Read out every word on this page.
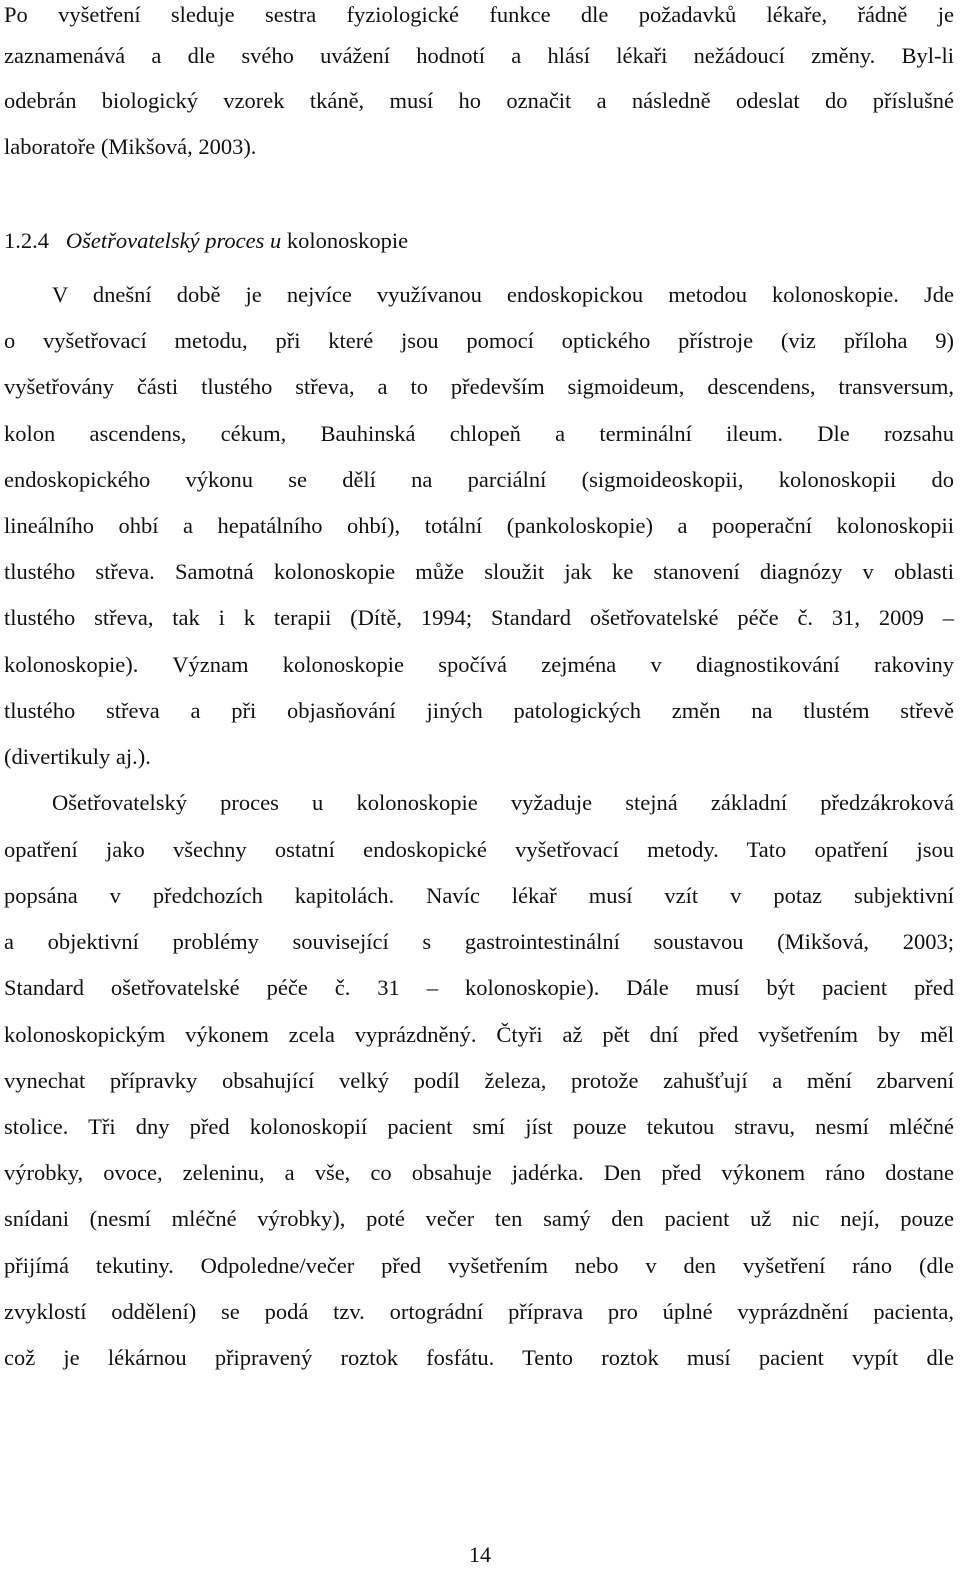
Po vyšetření sleduje sestra fyziologické funkce dle požadavků lékaře, řádně je
zaznamenává a dle svého uvážení hodnotí a hlásí lékaři nežádoucí změny. Byl-li
odebrán biologický vzorek tkáně, musí ho označit a následně odeslat do příslušné
laboratoře (Mikšová, 2003).
1.2.4 Ošetřovatelský proces u kolonoskopie
V dnešní době je nejvíce využívanou endoskopickou metodou kolonoskopie. Jde
o vyšetřovací metodu, při které jsou pomocí optického přístroje (viz příloha 9)
vyšetřovány části tlustého střeva, a to především sigmoideum, descendens, transversum,
kolon ascendens, cékum, Bauhinská chlopeň a terminální ileum. Dle rozsahu
endoskopického výkonu se dělí na parciální (sigmoideoskopii, kolonoskopii do
lineálního ohbí a hepatálního ohbí), totální (pankoloskopie) a pooperační kolonoskopii
tlustého střeva. Samotná kolonoskopie může sloužit jak ke stanovení diagnózy v oblasti
tlustého střeva, tak i k terapii (Dítě, 1994; Standard ošetřovatelské péče č. 31, 2009 –
kolonoskopie). Význam kolonoskopie spočívá zejména v diagnostikování rakoviny
tlustého střeva a při objasňování jiných patologických změn na tlustém střevě
(divertikuly aj.).
Ošetřovatelský proces u kolonoskopie vyžaduje stejná základní předzákroková
opatření jako všechny ostatní endoskopické vyšetřovací metody. Tato opatření jsou
popsána v předchozích kapitolách. Navíc lékař musí vzít v potaz subjektivní
a objektivní problémy související s gastrointestinální soustavou (Mikšová, 2003;
Standard ošetřovatelské péče č. 31 – kolonoskopie). Dále musí být pacient před
kolonoskopickým výkonem zcela vyprázdněný. Čtyři až pět dní před vyšetřením by měl
vynechat přípravky obsahující velký podíl železa, protože zahušťují a mění zbarvení
stolice. Tři dny před kolonoskopií pacient smí jíst pouze tekutou stravu, nesmí mléčné
výrobky, ovoce, zeleninu, a vše, co obsahuje jadérka. Den před výkonem ráno dostane
snídani (nesmí mléčné výrobky), poté večer ten samý den pacient už nic nejí, pouze
přijímá tekutiny. Odpoledne/večer před vyšetřením nebo v den vyšetření ráno (dle
zvyklostí oddělení) se podá tzv. ortográdní příprava pro úplné vyprázdnění pacienta,
což je lékárnou připravený roztok fosfátu. Tento roztok musí pacient vypít dle
14
